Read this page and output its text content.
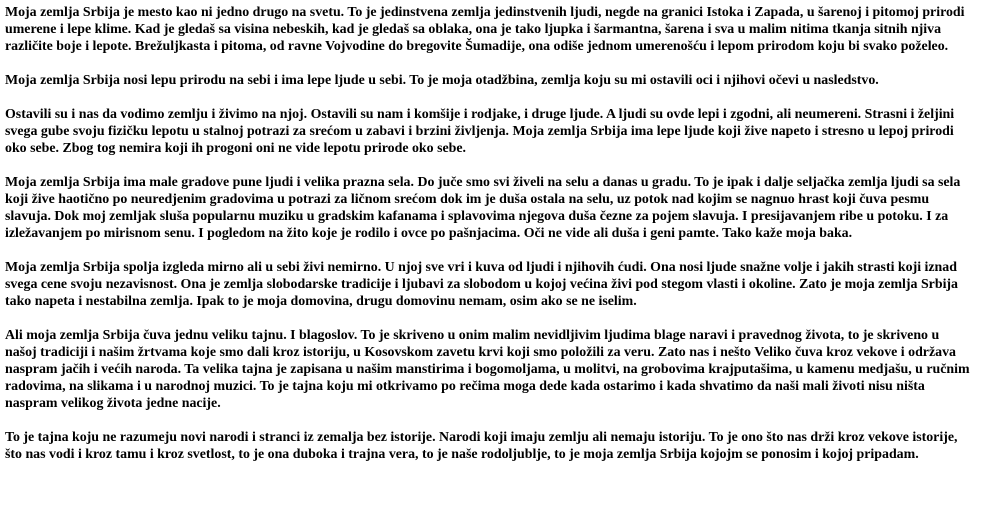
Moja zemlja Srbija je mesto kao ni jedno drugo na svetu. To je jedinstvena zemlja jedinstvenih ljudi, negde na granici Istoka i Zapada, u šarenoj i pitomoj prirodi umerene i lepe klime. Kad je gledaš sa visina nebeskih, kad je gledaš sa oblaka, ona je tako ljupka i šarmantna, šarena i sva u malim nitima tkanja sitnih njiva različite boje i lepote. Brežuljkasta i pitoma, od ravne Vojvodine do bregovite Šumadije, ona odiše jednom umerenošću i lepom prirodom koju bi svako poželeo.

Moja zemlja Srbija nosi lepu prirodu na sebi i ima lepe ljude u sebi. To je moja otadžbina, zemlja koju su mi ostavili oci i njihovi očevi u nasledstvo.

Ostavili su i nas da vodimo zemlju i živimo na njoj. Ostavili su nam i komšije i rodjake, i druge ljude. A ljudi su ovde lepi i zgodni, ali neumereni. Strasni i željini svega gube svoju fizičku lepotu u stalnoj potrazi za srećom u zabavi i brzini življenja. Moja zemlja Srbija ima lepe ljude koji žive napeto i stresno u lepoj prirodi oko sebe. Zbog tog nemira koji ih progoni oni ne vide lepotu prirode oko sebe.

Moja zemlja Srbija ima male gradove pune ljudi i velika prazna sela. Do juče smo svi živeli na selu a danas u gradu. To je ipak i dalje seljačka zemlja ljudi sa sela koji žive haotično po neuredjenim gradovima u potrazi za ličnom srećom dok im je duša ostala na selu, uz potok nad kojim se nagnuo hrast koji čuva pesmu slavuja. Dok moj zemljak sluša popularnu muziku u gradskim kafanama i splavovima njegova duša čezne za pojem slavuja. I presijavanjem ribe u potoku. I za izležavanjem po mirisnom senu. I pogledom na žito koje je rodilo i ovce po pašnjacima. Oči ne vide ali duša i geni pamte. Tako kaže moja baka.

Moja zemlja Srbija spolja izgleda mirno ali u sebi živi nemirno. U njoj sve vri i kuva od ljudi i njihovih ćudi. Ona nosi ljude snažne volje i jakih strasti koji iznad svega cene svoju nezavisnost. Ona je zemlja slobodarske tradicije i ljubavi za slobodom u kojoj većina živi pod stegom vlasti i okoline. Zato je moja zemlja Srbija tako napeta i nestabilna zemlja. Ipak to je moja domovina, drugu domovinu nemam, osim ako se ne iselim.

Ali moja zemlja Srbija čuva jednu veliku tajnu. I blagoslov. To je skriveno u onim malim nevidljivim ljudima blage naravi i pravednog života, to je skriveno u našoj tradiciji i našim žrtvama koje smo dali kroz istoriju, u Kosovskom zavetu krvi koji smo položili za veru. Zato nas i nešto Veliko čuva kroz vekove i održava naspram jačih i većih naroda. Ta velika tajna je zapisana u našim manstirima i bogomoljama, u molitvi, na grobovima krajputašima, u kamenu medjašu, u ručnim radovima, na slikama i u narodnoj muzici. To je tajna koju mi otkrivamo po rečima moga dede kada ostarimo i kada shvatimo da naši mali životi nisu ništa naspram velikog života jedne nacije.

To je tajna koju ne razumeju novi narodi i stranci iz zemalja bez istorije. Narodi koji imaju zemlju ali nemaju istoriju. To je ono što nas drži kroz vekove istorije, što nas vodi i kroz tamu i kroz svetlost, to je ona duboka i trajna vera, to je naše rodoljublje, to je moja zemlja Srbija kojojm se ponosim i kojoj pripadam.
